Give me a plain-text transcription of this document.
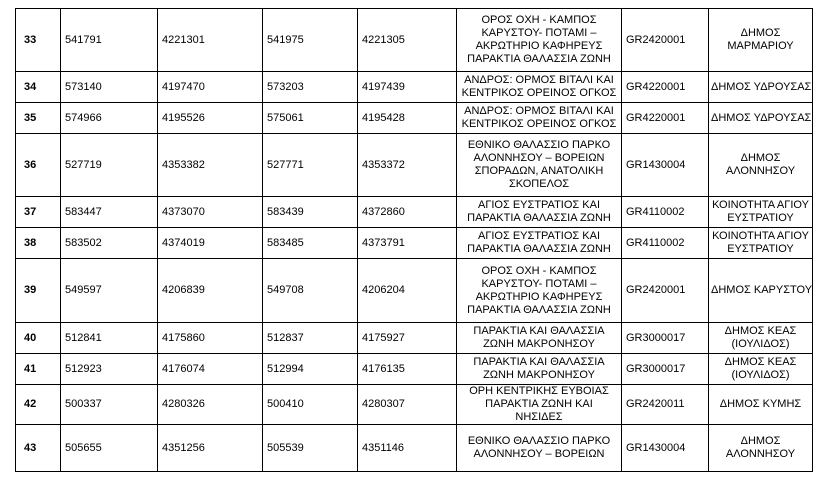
33	541791	4221301	541975	4221305	ΟΡΟΣ ΟΧΗ - ΚΑΜΠΟΣ
ΚΑΡΥΣΤΟΥ- ΠΟΤΑΜΙ –
ΑΚΡΩΤΗΡΙΟ ΚΑΦΗΡΕΥΣ
ΠΑΡΑΚΤΙΑ ΘΑΛΑΣΣΙΑ ΖΩΝΗ	GR2420001	ΔΗΜΟΣ
ΜΑΡΜΑΡΙΟΥ

34	573140	4197470	573203	4197439	ΑΝΔΡΟΣ: ΟΡΜΟΣ ΒΙΤΑΛΙ ΚΑΙ
ΚΕΝΤΡΙΚΟΣ ΟΡΕΙΝΟΣ ΟΓΚΟΣ	GR4220001	ΔΗΜΟΣ ΥΔΡΟΥΣΑΣ

35	574966	4195526	575061	4195428	ΑΝΔΡΟΣ: ΟΡΜΟΣ ΒΙΤΑΛΙ ΚΑΙ
ΚΕΝΤΡΙΚΟΣ ΟΡΕΙΝΟΣ ΟΓΚΟΣ	GR4220001	ΔΗΜΟΣ ΥΔΡΟΥΣΑΣ

36	527719	4353382	527771	4353372	ΕΘΝΙΚΟ ΘΑΛΑΣΣΙΟ ΠΑΡΚΟ
ΑΛΟΝΝΗΣΟΥ – ΒΟΡΕΙΩΝ
ΣΠΟΡΑΔΩΝ, ΑΝΑΤΟΛΙΚΗ
ΣΚΟΠΕΛΟΣ	GR1430004	ΔΗΜΟΣ
ΑΛΟΝΝΗΣΟΥ

37	583447	4373070	583439	4372860	ΑΓΙΟΣ ΕΥΣΤΡΑΤΙΟΣ ΚΑΙ
ΠΑΡΑΚΤΙΑ ΘΑΛΑΣΣΙΑ ΖΩΝΗ	GR4110002	ΚΟΙΝΟΤΗΤΑ ΑΓΙΟΥ
ΕΥΣΤΡΑΤΙΟΥ

38	583502	4374019	583485	4373791	ΑΓΙΟΣ ΕΥΣΤΡΑΤΙΟΣ ΚΑΙ
ΠΑΡΑΚΤΙΑ ΘΑΛΑΣΣΙΑ ΖΩΝΗ	GR4110002	ΚΟΙΝΟΤΗΤΑ ΑΓΙΟΥ
ΕΥΣΤΡΑΤΙΟΥ

39	549597	4206839	549708	4206204	ΟΡΟΣ ΟΧΗ - ΚΑΜΠΟΣ
ΚΑΡΥΣΤΟΥ- ΠΟΤΑΜΙ –
ΑΚΡΩΤΗΡΙΟ ΚΑΦΗΡΕΥΣ
ΠΑΡΑΚΤΙΑ ΘΑΛΑΣΣΙΑ ΖΩΝΗ	GR2420001	ΔΗΜΟΣ ΚΑΡΥΣΤΟΥ

40	512841	4175860	512837	4175927	ΠΑΡΑΚΤΙΑ ΚΑΙ ΘΑΛΑΣΣΙΑ
ΖΩΝΗ ΜΑΚΡΟΝΗΣΟΥ	GR3000017	ΔΗΜΟΣ ΚΕΑΣ
(ΙΟΥΛΙΔΟΣ)

41	512923	4176074	512994	4176135	ΠΑΡΑΚΤΙΑ ΚΑΙ ΘΑΛΑΣΣΙΑ
ΖΩΝΗ ΜΑΚΡΟΝΗΣΟΥ	GR3000017	ΔΗΜΟΣ ΚΕΑΣ
(ΙΟΥΛΙΔΟΣ)

42	500337	4280326	500410	4280307	ΟΡΗ ΚΕΝΤΡΙΚΗΣ ΕΥΒΟΙΑΣ
ΠΑΡΑΚΤΙΑ ΖΩΝΗ ΚΑΙ
ΝΗΣΙΔΕΣ	GR2420011	ΔΗΜΟΣ ΚΥΜΗΣ

43	505655	4351256	505539	4351146	ΕΘΝΙΚΟ ΘΑΛΑΣΣΙΟ ΠΑΡΚΟ
ΑΛΟΝΝΗΣΟΥ – ΒΟΡΕΙΩΝ	GR1430004	ΔΗΜΟΣ
ΑΛΟΝΝΗΣΟΥ
